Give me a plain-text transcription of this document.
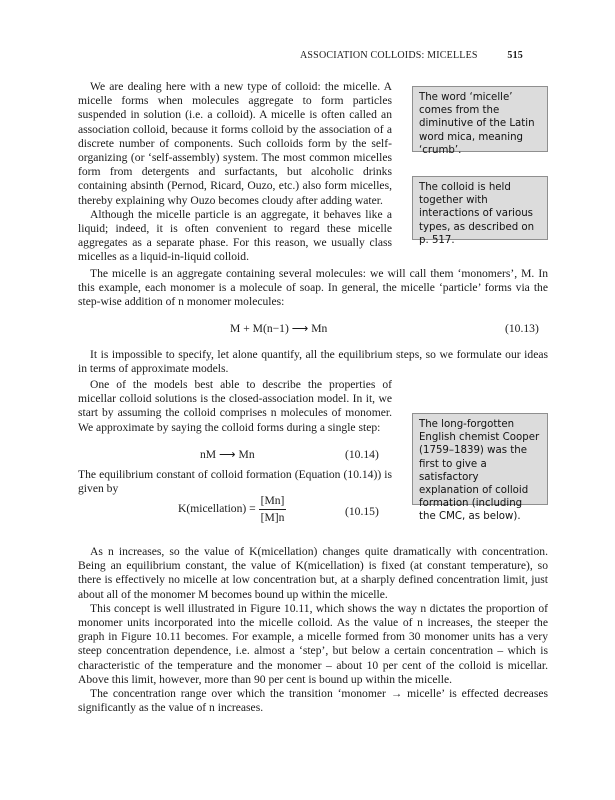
ASSOCIATION COLLOIDS: MICELLES	515

We are dealing here with a new type of colloid: the micelle. A micelle forms when molecules aggregate to form particles suspended in solution (i.e. a colloid). A micelle is often called an association colloid, because it forms colloid by the association of a discrete number of components. Such colloids form by the self-organizing (or ‘self-assembly) system. The most common micelles form from detergents and surfactants, but alcoholic drinks containing absinth (Pernod, Ricard, Ouzo, etc.) also form micelles, thereby explaining why Ouzo becomes cloudy after adding water.

Although the micelle particle is an aggregate, it behaves like a liquid; indeed, it is often convenient to regard these micelle aggregates as a separate phase. For this reason, we usually class micelles as a liquid-in-liquid colloid.

The micelle is an aggregate containing several molecules: we will call them ‘monomers’, M. In this example, each monomer is a molecule of soap. In general, the micelle ‘particle’ forms via the step-wise addition of n monomer molecules:

M + M(n−1) ⟶ Mn	(10.13)

It is impossible to specify, let alone quantify, all the equilibrium steps, so we formulate our ideas in terms of approximate models.

One of the models best able to describe the properties of micellar colloid solutions is the closed-association model. In it, we start by assuming the colloid comprises n molecules of monomer. We approximate by saying the colloid forms during a single step:

nM ⟶ Mn	(10.14)

The equilibrium constant of colloid formation (Equation (10.14)) is given by

K(micellation) = $\frac{[Mn]}{[M]n}$	(10.15)

As n increases, so the value of K(micellation) changes quite dramatically with concentration. Being an equilibrium constant, the value of K(micellation) is fixed (at constant temperature), so there is effectively no micelle at low concentration but, at a sharply defined concentration limit, just about all of the monomer M becomes bound up within the micelle.

This concept is well illustrated in Figure 10.11, which shows the way n dictates the proportion of monomer units incorporated into the micelle colloid. As the value of n increases, the steeper the graph in Figure 10.11 becomes. For example, a micelle formed from 30 monomer units has a very steep concentration dependence, i.e. almost a ‘step’, but below a certain concentration – which is characteristic of the temperature and the monomer – about 10 per cent of the colloid is micellar. Above this limit, however, more than 90 per cent is bound up within the micelle.

The concentration range over which the transition ‘monomer → micelle’ is effected decreases significantly as the value of n increases.

The word ‘micelle’ comes from the diminutive of the Latin word mica, meaning ‘crumb’.
The colloid is held together with interactions of various types, as described on p. 517.
The long-forgotten English chemist Cooper (1759–1839) was the first to give a satisfactory explanation of colloid formation (including the CMC, as below).
